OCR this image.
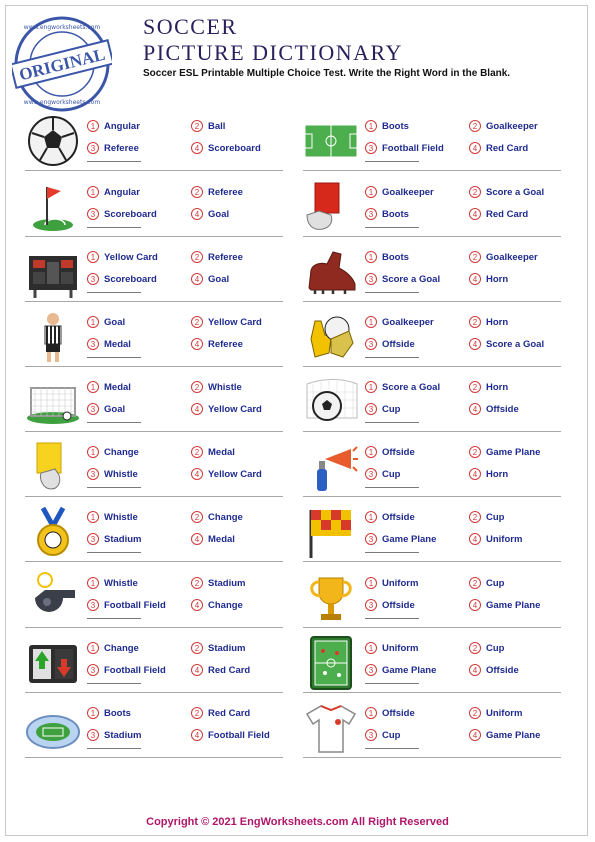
ORIGINAL
www.engworksheets.com
www.engworksheets.com
SOCCER
PICTURE DICTIONARY
Soccer ESL Printable Multiple Choice Test. Write the Right Word in the Blank.
1 Angular	2 Ball
3 Referee	4 Scoreboard
1 Angular	2 Referee
3 Scoreboard	4 Goal
1 Yellow Card	2 Referee
3 Scoreboard	4 Goal
1 Goal	2 Yellow Card
3 Medal	4 Referee
1 Medal	2 Whistle
3 Goal	4 Yellow Card
1 Change	2 Medal
3 Whistle	4 Yellow Card
1 Whistle	2 Change
3 Stadium	4 Medal
1 Whistle	2 Stadium
3 Football Field	4 Change
1 Change	2 Stadium
3 Football Field	4 Red Card
1 Boots	2 Red Card
3 Stadium	4 Football Field
1 Boots	2 Goalkeeper
3 Football Field	4 Red Card
1 Goalkeeper	2 Score a Goal
3 Boots	4 Red Card
1 Boots	2 Goalkeeper
3 Score a Goal	4 Horn
1 Goalkeeper	2 Horn
3 Offside	4 Score a Goal
1 Score a Goal	2 Horn
3 Cup	4 Offside
1 Offside	2 Game Plane
3 Cup	4 Horn
1 Offside	2 Cup
3 Game Plane	4 Uniform
1 Uniform	2 Cup
3 Offside	4 Game Plane
1 Uniform	2 Cup
3 Game Plane	4 Offside
1 Offside	2 Uniform
3 Cup	4 Game Plane
Copyright © 2021 EngWorksheets.com All Right Reserved
